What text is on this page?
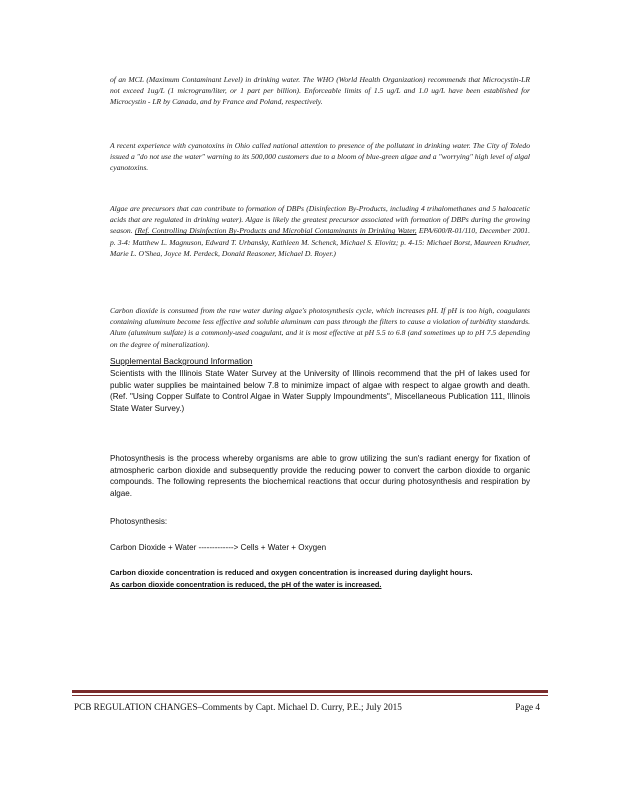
of an MCL (Maximum Contaminant Level) in drinking water. The WHO (World Health Organization) recommends that Microcystin-LR not exceed 1ug/L (1 microgram/liter, or 1 part per billion). Enforceable limits of 1.5 ug/L and 1.0 ug/L have been established for Microcystin - LR by Canada, and by France and Poland, respectively.

A recent experience with cyanotoxins in Ohio called national attention to presence of the pollutant in drinking water. The City of Toledo issued a "do not use the water" warning to its 500,000 customers due to a bloom of blue-green algae and a "worrying" high level of algal cyanotoxins.

Algae are precursors that can contribute to formation of DBPs (Disinfection By-Products, including 4 trihalomethanes and 5 haloacetic acids that are regulated in drinking water). Algae is likely the greatest precursor associated with formation of DBPs during the growing season. (Ref. Controlling Disinfection By-Products and Microbial Contaminants in Drinking Water, EPA/600/R-01/110, December 2001. p. 3-4: Matthew L. Magnuson, Edward T. Urbansky, Kathleen M. Schenck, Michael S. Elovitz; p. 4-15: Michael Borst, Maureen Krudner, Marie L. O'Shea, Joyce M. Perdeck, Donald Reasoner, Michael D. Royer.)

Carbon dioxide is consumed from the raw water during algae's photosynthesis cycle, which increases pH. If pH is too high, coagulants containing aluminum become less effective and soluble aluminum can pass through the filters to cause a violation of turbidity standards. Alum (aluminum sulfate) is a commonly-used coagulant, and it is most effective at pH 5.5 to 6.8 (and sometimes up to pH 7.5 depending on the degree of mineralization).

Supplemental Background Information

Scientists with the Illinois State Water Survey at the University of Illinois recommend that the pH of lakes used for public water supplies be maintained below 7.8 to minimize impact of algae with respect to algae growth and death. (Ref. "Using Copper Sulfate to Control Algae in Water Supply Impoundments", Miscellaneous Publication 111, Illinois State Water Survey.)

Photosynthesis is the process whereby organisms are able to grow utilizing the sun's radiant energy for fixation of atmospheric carbon dioxide and subsequently provide the reducing power to convert the carbon dioxide to organic compounds. The following represents the biochemical reactions that occur during photosynthesis and respiration by algae.

Photosynthesis:

Carbon Dioxide + Water -------------> Cells + Water + Oxygen

Carbon dioxide concentration is reduced and oxygen concentration is increased during daylight hours.
As carbon dioxide concentration is reduced, the pH of the water is increased.
PCB REGULATION CHANGES–Comments by Capt. Michael D. Curry, P.E.; July 2015	Page 4
